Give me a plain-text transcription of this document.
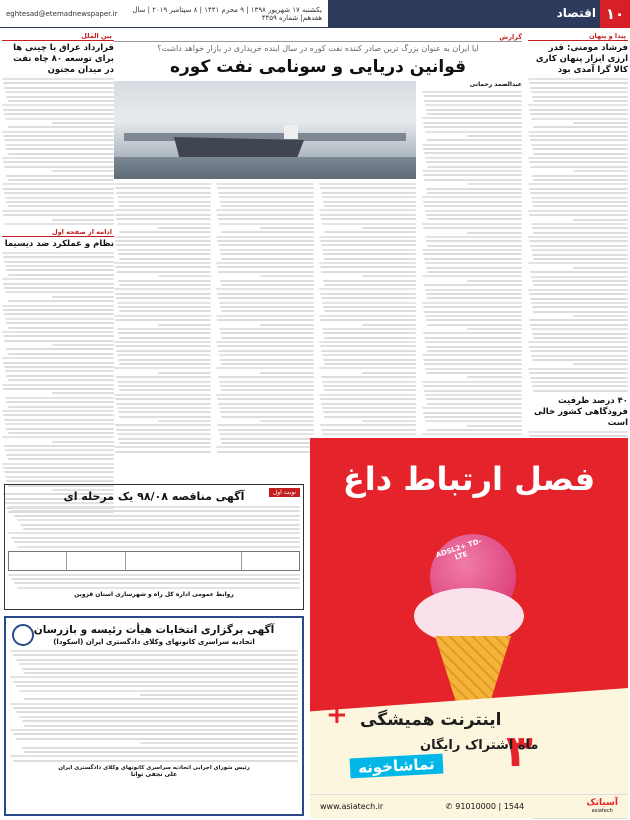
۱۰
اقتصاد
eghtesad@etemadnewspaper.ir یکشنبه ۱۷ شهریور ۱۳۹۸ | ۹ محرم ۱۴۴۱ | ۸ سپتامبر ۲۰۱۹ | سال هفدهم| شماره ۴۴۵۹
پیدا و پنهان
فرشاد مومنی: قدر ارزی ابزار پنهان کاری کالا گرا آمدی بود
۴۰ درصد ظرفیت فرودگاهی کشور خالی است
گزارش
ایا ایران به عنوان بزرگ ترین صادر کننده نفت کوره در سال اینده خریداری در بازار خواهد داشت؟
قوانین دریایی و سونامی نفت کوره
عبدالصمد رحمانی
بین الملل
قرارداد عراق با چینی ها برای توسعه ۸۰ چاه نفت در میدان مجنون
ادامه از صفحه اول
نظام و عملکرد ضد دیسیما
نوبت اول
آگهی مناقصه ۹۸/۰۸ یک مرحله ای
روابط عمومی اداره کل راه و شهرسازی استان قزوین
آگهی برگزاری انتخابات هیأت رئیسه و بازرسان
اتحادیه سراسری کانونهای وکلای دادگستری ایران (اسکودا)
رئیس شورای اجرایی اتحادیه سراسری کانونهای وکلای دادگستری ایران
علی نجفی توانا
فصل ارتباط داغ
ADSL2+ TD-LTE
اینترنت همیشگی
+
۳
ماه اشتراک رایگان
تماشاخونه
www.asiatech.ir	✆ 91010000 | 1544	آسیاتک
asiatech
